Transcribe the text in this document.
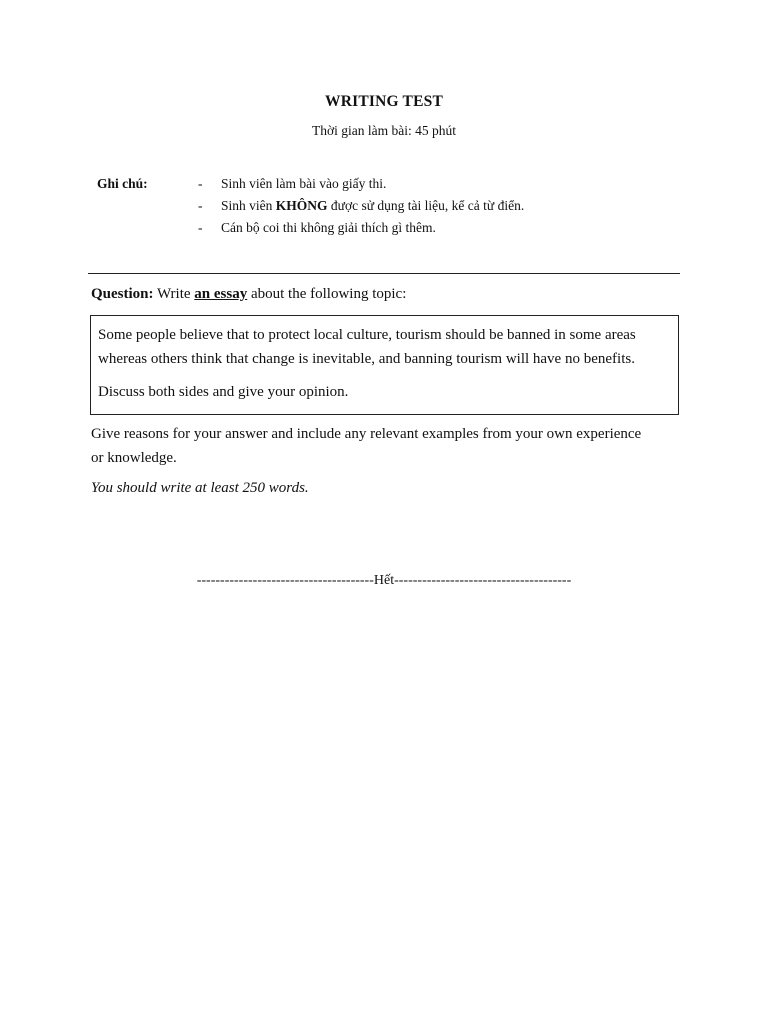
WRITING TEST
Thời gian làm bài: 45 phút
Ghi chú:	- Sinh viên làm bài vào giấy thi.
- Sinh viên KHÔNG được sử dụng tài liệu, kể cả từ điển.
- Cán bộ coi thi không giải thích gì thêm.
Question: Write an essay about the following topic:

Some people believe that to protect local culture, tourism should be banned in some areas

whereas others think that change is inevitable, and banning tourism will have no benefits.

Discuss both sides and give your opinion.

Give reasons for your answer and include any relevant examples from your own experience

or knowledge.

You should write at least 250 words.
--------------------------------------Hết--------------------------------------
